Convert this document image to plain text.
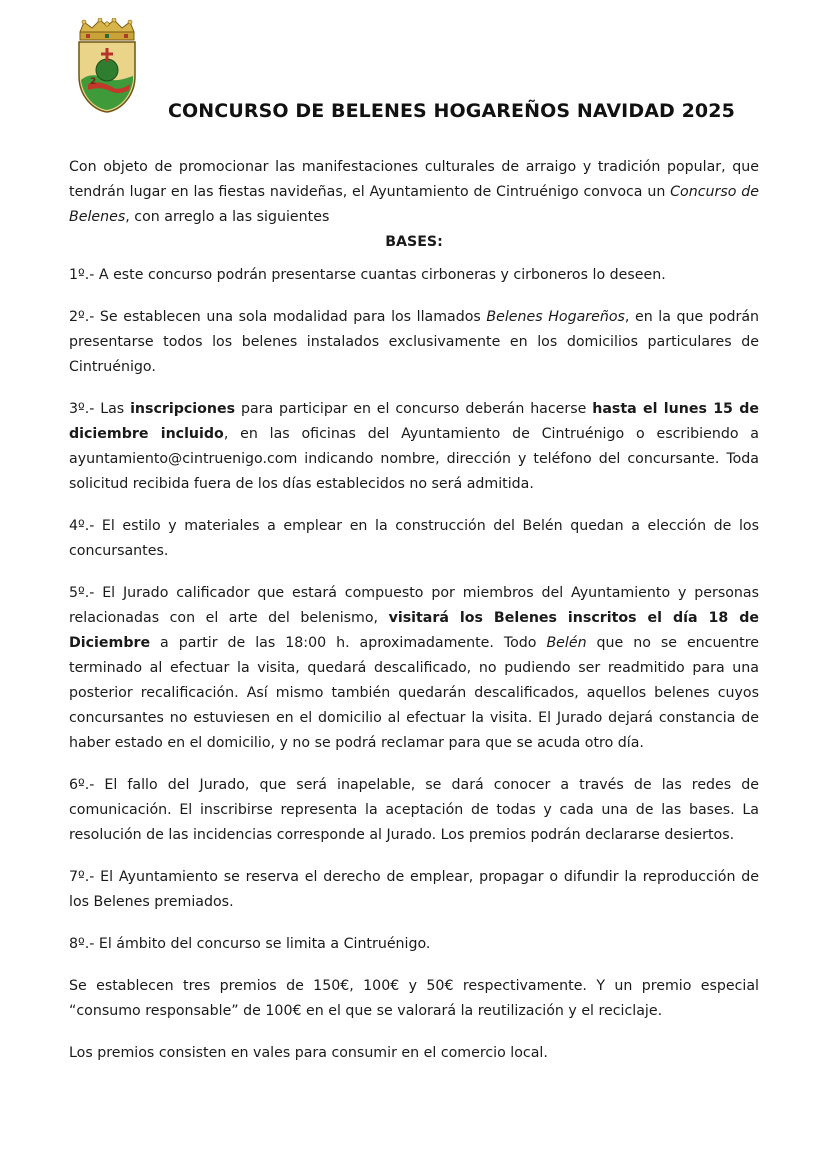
2
CONCURSO DE BELENES HOGAREÑOS NAVIDAD 2025

Con objeto de promocionar las manifestaciones culturales de arraigo y tradición popular, que tendrán lugar en las fiestas navideñas, el Ayuntamiento de Cintruénigo convoca un Concurso de Belenes, con arreglo a las siguientes

BASES:

1º.- A este concurso podrán presentarse cuantas cirboneras y cirboneros lo deseen.

2º.- Se establecen una sola modalidad para los llamados Belenes Hogareños, en la que podrán presentarse todos los belenes instalados exclusivamente en los domicilios particulares de Cintruénigo.

3º.- Las inscripciones para participar en el concurso deberán hacerse hasta el lunes 15 de diciembre incluido, en las oficinas del Ayuntamiento de Cintruénigo o escribiendo a ayuntamiento@cintruenigo.com indicando nombre, dirección y teléfono del concursante. Toda solicitud recibida fuera de los días establecidos no será admitida.

4º.- El estilo y materiales a emplear en la construcción del Belén quedan a elección de los concursantes.

5º.- El Jurado calificador que estará compuesto por miembros del Ayuntamiento y personas relacionadas con el arte del belenismo, visitará los Belenes inscritos el día 18 de Diciembre a partir de las 18:00 h. aproximadamente. Todo Belén que no se encuentre terminado al efectuar la visita, quedará descalificado, no pudiendo ser readmitido para una posterior recalificación. Así mismo también quedarán descalificados, aquellos belenes cuyos concursantes no estuviesen en el domicilio al efectuar la visita. El Jurado dejará constancia de haber estado en el domicilio, y no se podrá reclamar para que se acuda otro día.

6º.- El fallo del Jurado, que será inapelable, se dará conocer a través de las redes de comunicación. El inscribirse representa la aceptación de todas y cada una de las bases. La resolución de las incidencias corresponde al Jurado. Los premios podrán declararse desiertos.

7º.- El Ayuntamiento se reserva el derecho de emplear, propagar o difundir la reproducción de los Belenes premiados.

8º.- El ámbito del concurso se limita a Cintruénigo.

Se establecen tres premios de 150€, 100€ y 50€ respectivamente. Y un premio especial “consumo responsable” de 100€ en el que se valorará la reutilización y el reciclaje.

Los premios consisten en vales para consumir en el comercio local.
